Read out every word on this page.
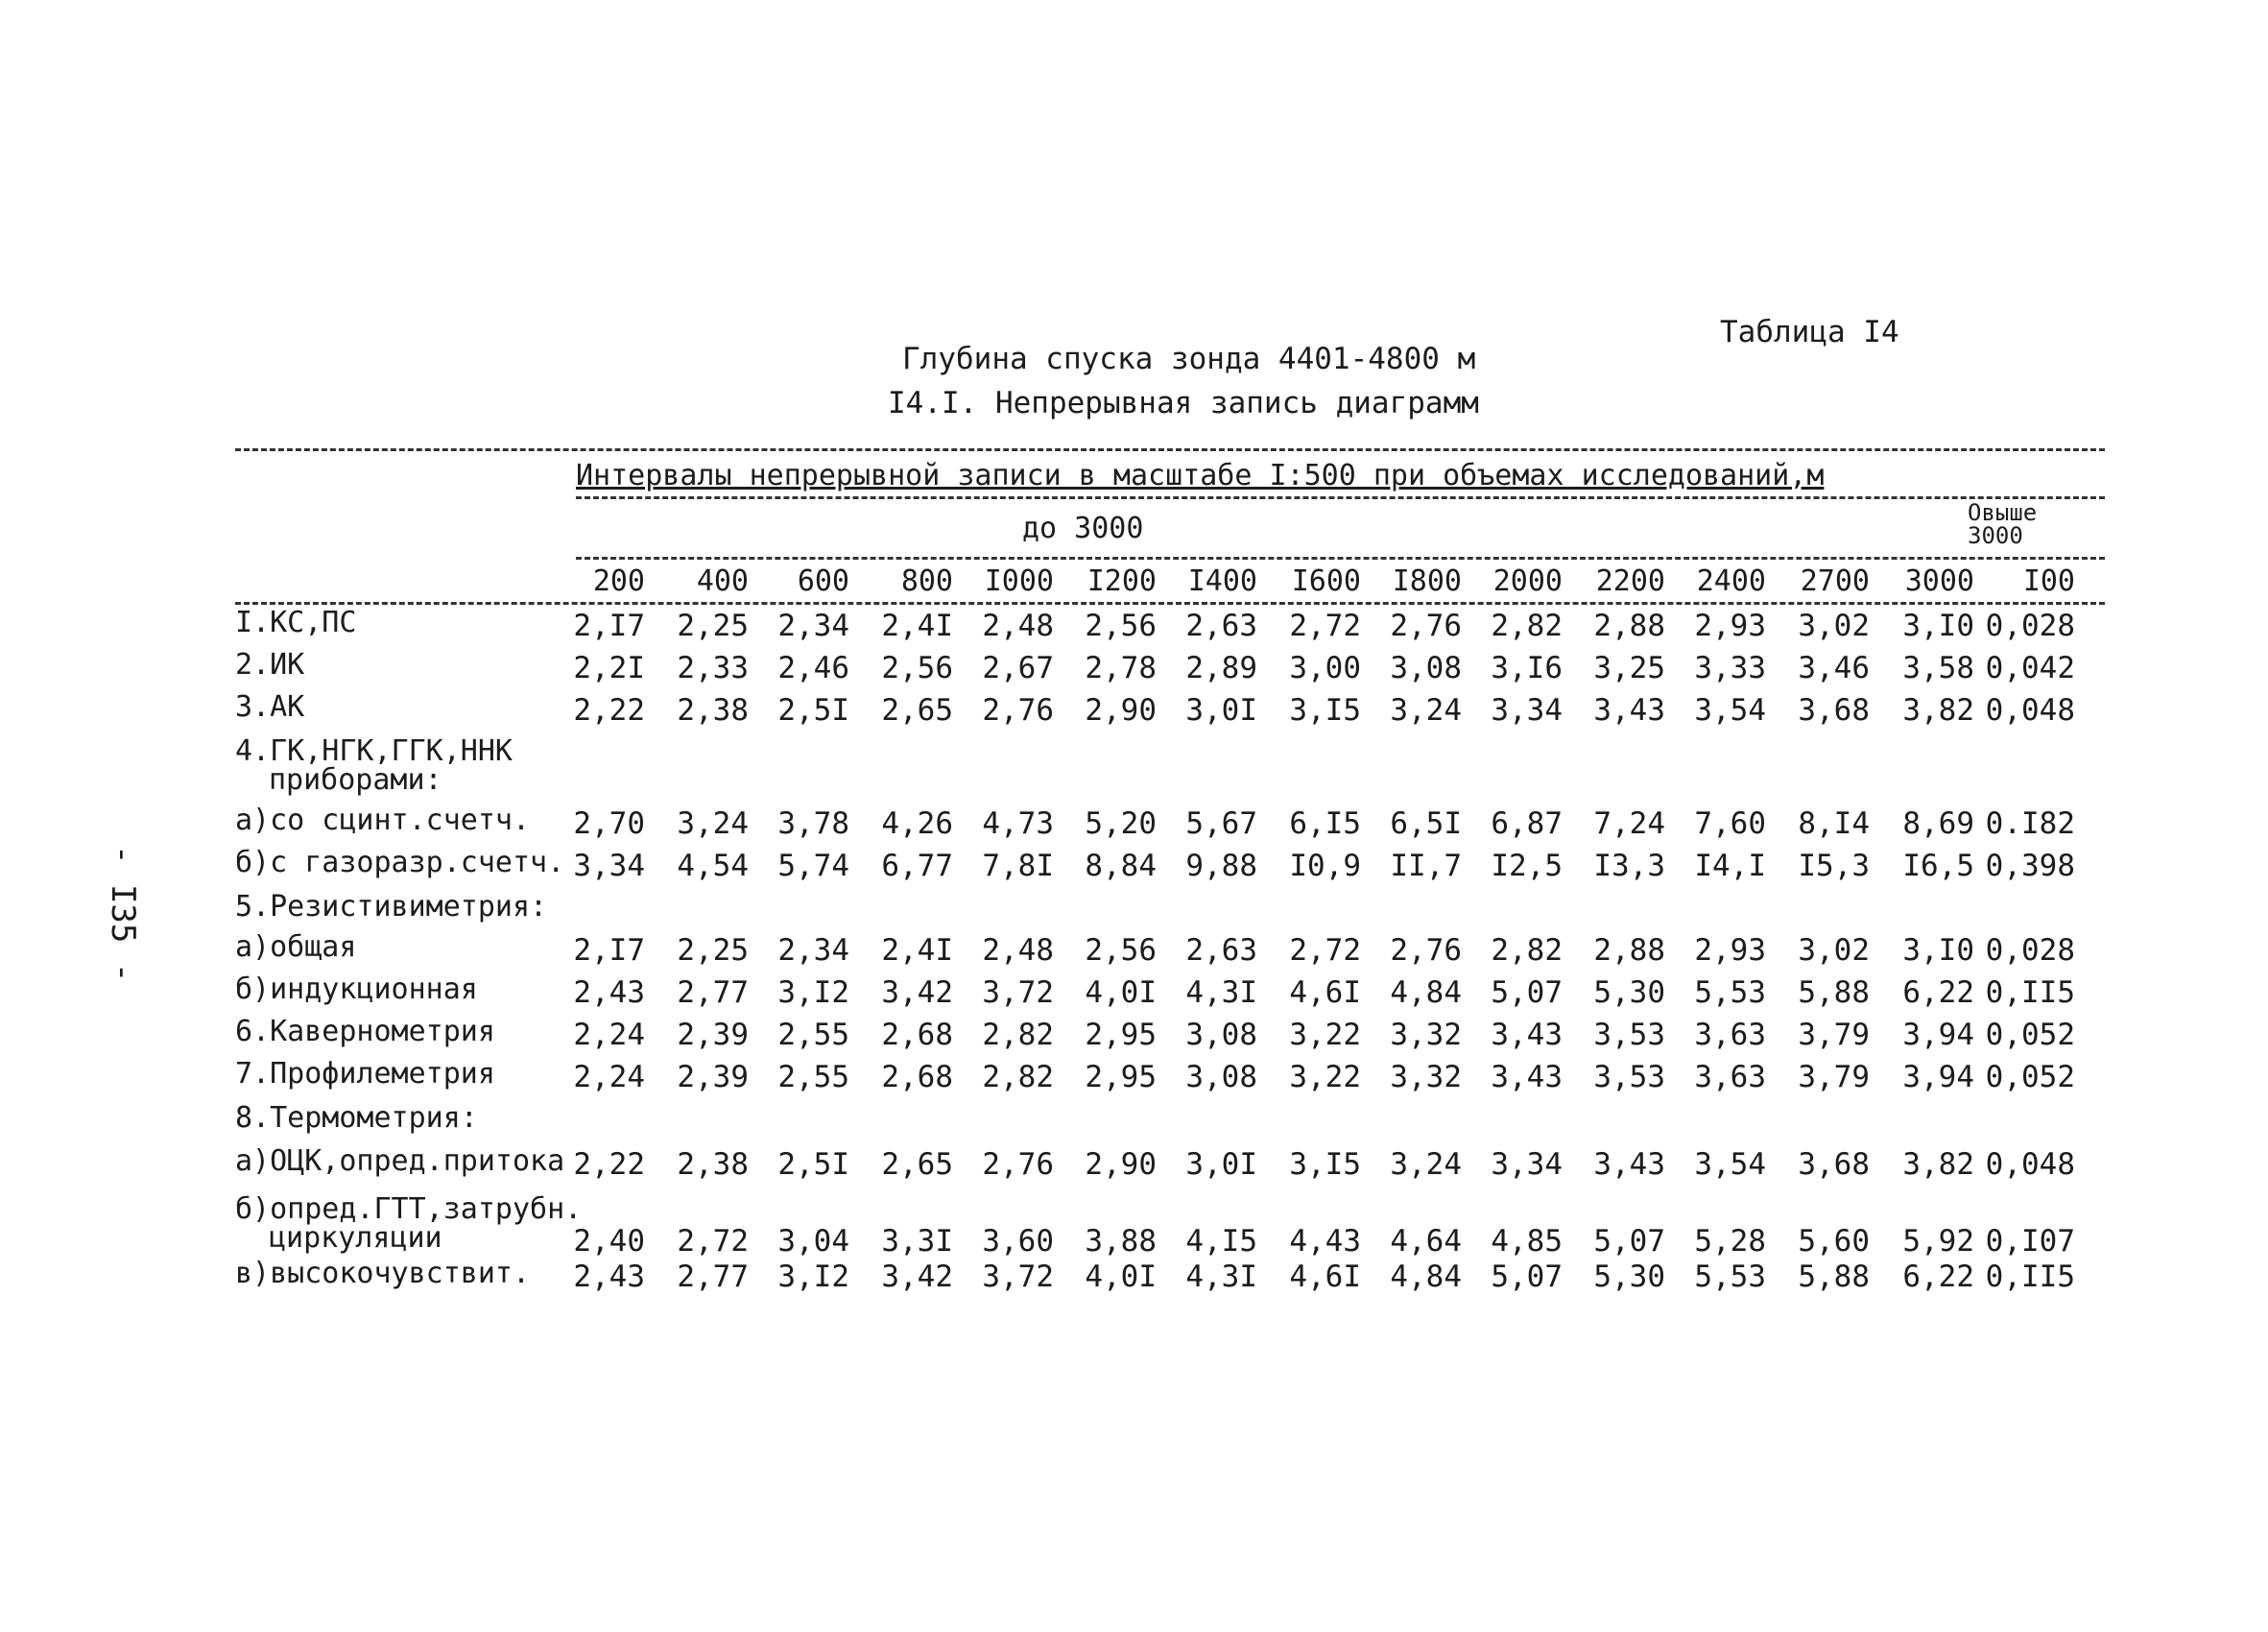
Таблица I4
Глубина спуска зонда 4401-4800 м
I4.I. Непрерывная запись диаграмм
- I35 -
Интервалы непрерывной записи в масштабе I:500 при объемах исследований,м
до 3000	Овыше 3000
200	400	600	800	I000	I200	I400	I600	I800	2000	2200	2400	2700	3000	I00
I.КС,ПС	2,I7	2,25 2,34	2,4I 2,48	2,56 2,63	2,72 2,76 2,82	2,88 2,93	3,02	3,I0 0,028
2.ИК	2,2I	2,33 2,46	2,56 2,67	2,78 2,89	3,00 3,08 3,I6	3,25 3,33	3,46	3,58 0,042
3.АК	2,22	2,38 2,5I	2,65 2,76	2,90 3,0I	3,I5 3,24 3,34	3,43 3,54	3,68	3,82 0,048
4.ГК,НГК,ГГК,ННК
приборами:
а)со сцинт.счетч.	2,70	3,24 3,78	4,26 4,73	5,20 5,67	6,I5 6,5I 6,87	7,24 7,60	8,I4	8,69 0.I82
б)с газоразр.счетч. 3,34	4,54 5,74	6,77 7,8I	8,84 9,88	I0,9 II,7 I2,5	I3,3 I4,I	I5,3	I6,5 0,398
5.Резистивиметрия:
а)общая	2,I7	2,25 2,34	2,4I 2,48	2,56 2,63	2,72 2,76 2,82	2,88 2,93	3,02	3,I0 0,028
б)индукционная	2,43	2,77 3,I2	3,42 3,72	4,0I 4,3I	4,6I 4,84 5,07	5,30 5,53	5,88	6,22 0,II5
6.Кавернометрия	2,24	2,39 2,55	2,68 2,82	2,95 3,08	3,22 3,32 3,43	3,53 3,63	3,79	3,94 0,052
7.Профилеметрия	2,24	2,39 2,55	2,68 2,82	2,95 3,08	3,22 3,32 3,43	3,53 3,63	3,79	3,94 0,052
8.Термометрия:
а)ОЦК,опред.притока 2,22	2,38 2,5I	2,65 2,76	2,90 3,0I	3,I5 3,24 3,34	3,43 3,54	3,68	3,82 0,048
б)опред.ГТТ,затрубн.
циркуляции	2,40	2,72 3,04	3,3I 3,60	3,88 4,I5	4,43 4,64 4,85	5,07 5,28	5,60	5,92 0,I07
в)высокочувствит.	2,43	2,77 3,I2	3,42 3,72	4,0I 4,3I	4,6I 4,84 5,07	5,30 5,53	5,88	6,22 0,II5
